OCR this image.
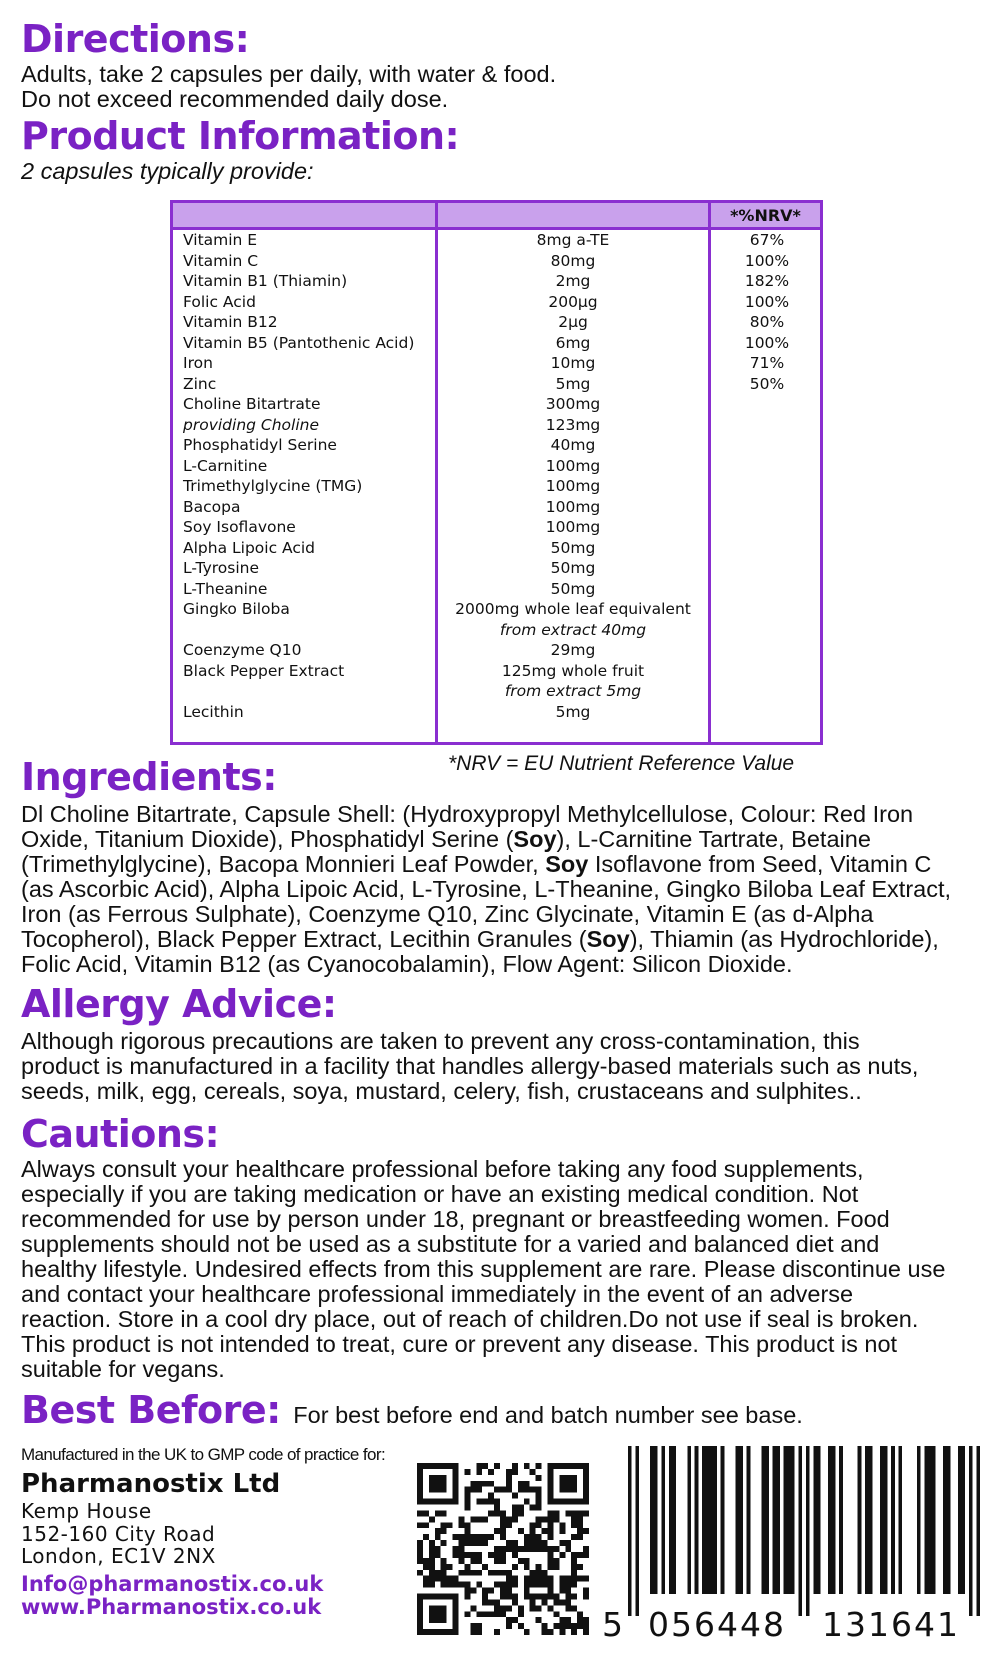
Directions:

Adults, take 2 capsules per daily, with water & food.
Do not exceed recommended daily dose.

Product Information:

2 capsules typically provide:

*%NRV*
Vitamin E	8mg a-TE	67%
Vitamin C	80mg	100%
Vitamin B1 (Thiamin)	2mg	182%
Folic Acid	200µg	100%
Vitamin B12	2µg	80%
Vitamin B5 (Pantothenic Acid)	6mg	100%
Iron	10mg	71%
Zinc	5mg	50%
Choline Bitartrate	300mg
providing Choline	123mg
Phosphatidyl Serine	40mg
L-Carnitine	100mg
Trimethylglycine (TMG)	100mg
Bacopa	100mg
Soy Isoflavone	100mg
Alpha Lipoic Acid	50mg
L-Tyrosine	50mg
L-Theanine	50mg
Gingko Biloba	2000mg whole leaf equivalent
from extract 40mg
Coenzyme Q10	29mg
Black Pepper Extract	125mg whole fruit
from extract 5mg
Lecithin	5mg

*NRV = EU Nutrient Reference Value

Ingredients:

Dl Choline Bitartrate, Capsule Shell: (Hydroxypropyl Methylcellulose, Colour: Red Iron
Oxide, Titanium Dioxide), Phosphatidyl Serine (Soy), L-Carnitine Tartrate, Betaine
(Trimethylglycine), Bacopa Monnieri Leaf Powder, Soy Isoflavone from Seed, Vitamin C
(as Ascorbic Acid), Alpha Lipoic Acid, L-Tyrosine, L-Theanine, Gingko Biloba Leaf Extract,
Iron (as Ferrous Sulphate), Coenzyme Q10, Zinc Glycinate, Vitamin E (as d-Alpha
Tocopherol), Black Pepper Extract, Lecithin Granules (Soy), Thiamin (as Hydrochloride),
Folic Acid, Vitamin B12 (as Cyanocobalamin), Flow Agent: Silicon Dioxide.

Allergy Advice:

Although rigorous precautions are taken to prevent any cross-contamination, this
product is manufactured in a facility that handles allergy-based materials such as nuts,
seeds, milk, egg, cereals, soya, mustard, celery, fish, crustaceans and sulphites..

Cautions:

Always consult your healthcare professional before taking any food supplements,
especially if you are taking medication or have an existing medical condition. Not
recommended for use by person under 18, pregnant or breastfeeding women. Food
supplements should not be used as a substitute for a varied and balanced diet and
healthy lifestyle. Undesired effects from this supplement are rare. Please discontinue use
and contact your healthcare professional immediately in the event of an adverse
reaction. Store in a cool dry place, out of reach of children.Do not use if seal is broken.
This product is not intended to treat, cure or prevent any disease. This product is not
suitable for vegans.

Best Before: For best before end and batch number see base.

Manufactured in the UK to GMP code of practice for:

Pharmanostix Ltd

Kemp House
152-160 City Road
London, EC1V 2NX

Info@pharmanostix.co.uk
www.Pharmanostix.co.uk	5 056448 131641
